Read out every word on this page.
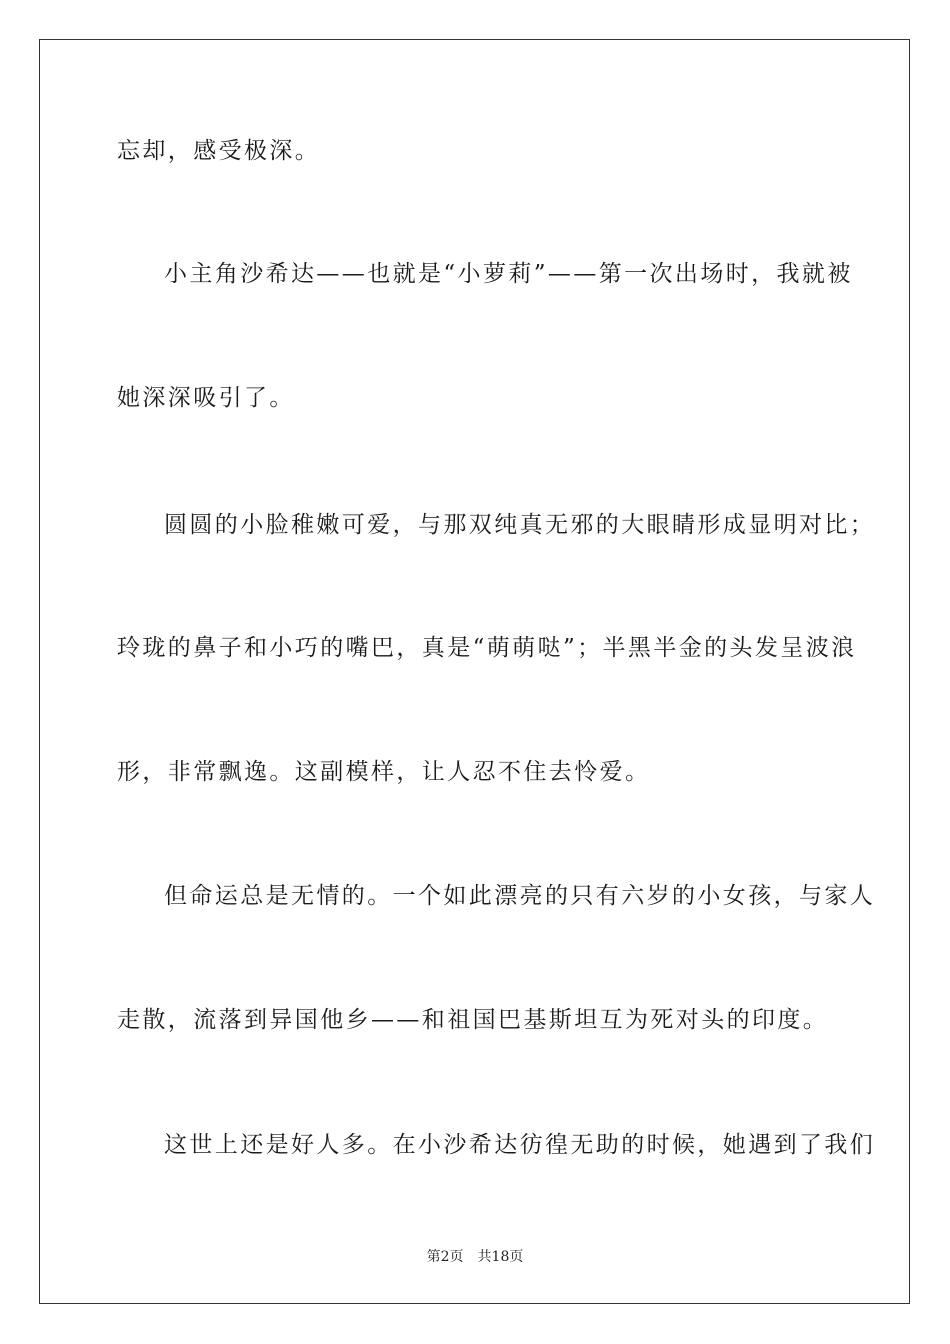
忘却，感受极深。
小主角沙希达——也就是“小萝莉”——第一次出场时，我就被
她深深吸引了。
圆圆的小脸稚嫩可爱，与那双纯真无邪的大眼睛形成显明对比；
玲珑的鼻子和小巧的嘴巴，真是“萌萌哒”；半黑半金的头发呈波浪
形，非常飘逸。这副模样，让人忍不住去怜爱。
但命运总是无情的。一个如此漂亮的只有六岁的小女孩，与家人
走散，流落到异国他乡——和祖国巴基斯坦互为死对头的印度。
这世上还是好人多。在小沙希达彷徨无助的时候，她遇到了我们
第2页 共18页
